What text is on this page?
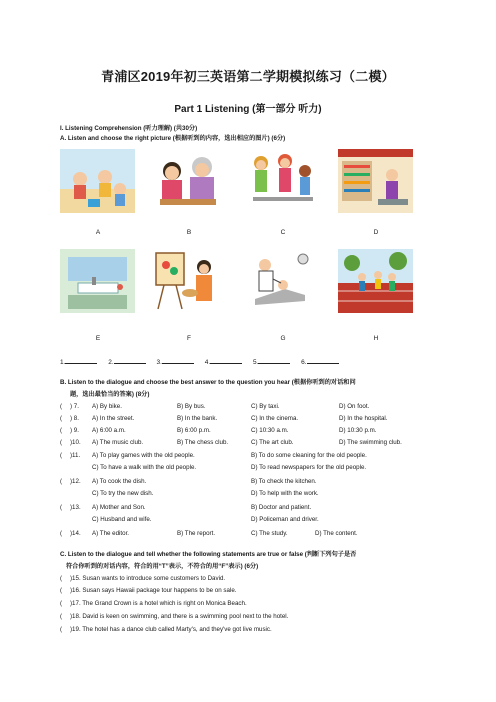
青浦区2019年初三英语第二学期模拟练习（二模）
Part 1 Listening (第一部分 听力)
I. Listening Comprehension (听力理解) (共30分)
A. Listen and choose the right picture (根据听到的内容，选出相应的图片) (6分)
A	B	C	D
E	F	G	H
1.	2.	3.	4.	5.	6.
B. Listen to the dialogue and choose the best answer to the question you hear (根据你听到的对话和问
题，选出最恰当的答案) (8分)
( ) 7. A) By bike.	B) By bus.	C) By taxi.	D) On foot.
( ) 8. A) In the street.	B) In the bank.	C) In the cinema.	D) In the hospital.
( ) 9. A) 6:00 a.m.	B) 6:00 p.m.	C) 10:30 a.m.	D) 10:30 p.m.
( )10. A) The music club.	B) The chess club.	C) The art club.	D) The swimming club.
( )11. A) To play games with the old people.	B) To do some cleaning for the old people.
C) To have a walk with the old people.	D) To read newspapers for the old people.
( )12. A) To cook the dish.	B) To check the kitchen.
C) To try the new dish.	D) To help with the work.
( )13. A) Mother and Son.	B) Doctor and patient.
C) Husband and wife.	D) Policeman and driver.
( )14. A) The editor.	B) The report.	C) The study.	D) The content.
C. Listen to the dialogue and tell whether the following statements are true or false (判断下列句子是否
符合你听到的对话内容，符合的用“T”表示，不符合的用“F”表示) (6分)
( )15. Susan wants to introduce some customers to David.
( )16. Susan says Hawaii package tour happens to be on sale.
( )17. The Grand Crown is a hotel which is right on Monica Beach.
( )18. David is keen on swimming, and there is a swimming pool next to the hotel.
( )19. The hotel has a dance club called Marty's, and they've got live music.
